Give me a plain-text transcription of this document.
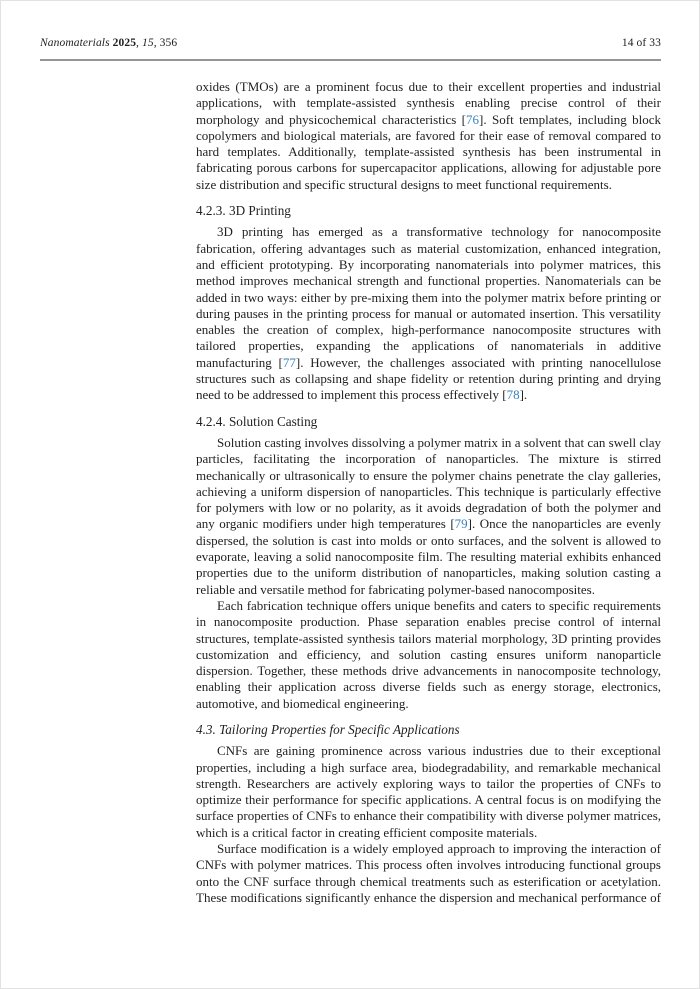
Nanomaterials 2025, 15, 356	14 of 33

oxides (TMOs) are a prominent focus due to their excellent properties and industrial applications, with template-assisted synthesis enabling precise control of their morphology and physicochemical characteristics [76]. Soft templates, including block copolymers and biological materials, are favored for their ease of removal compared to hard templates. Additionally, template-assisted synthesis has been instrumental in fabricating porous carbons for supercapacitor applications, allowing for adjustable pore size distribution and specific structural designs to meet functional requirements.

4.2.3. 3D Printing

3D printing has emerged as a transformative technology for nanocomposite fabrication, offering advantages such as material customization, enhanced integration, and efficient prototyping. By incorporating nanomaterials into polymer matrices, this method improves mechanical strength and functional properties. Nanomaterials can be added in two ways: either by pre-mixing them into the polymer matrix before printing or during pauses in the printing process for manual or automated insertion. This versatility enables the creation of complex, high-performance nanocomposite structures with tailored properties, expanding the applications of nanomaterials in additive manufacturing [77]. However, the challenges associated with printing nanocellulose structures such as collapsing and shape fidelity or retention during printing and drying need to be addressed to implement this process effectively [78].

4.2.4. Solution Casting

Solution casting involves dissolving a polymer matrix in a solvent that can swell clay particles, facilitating the incorporation of nanoparticles. The mixture is stirred mechanically or ultrasonically to ensure the polymer chains penetrate the clay galleries, achieving a uniform dispersion of nanoparticles. This technique is particularly effective for polymers with low or no polarity, as it avoids degradation of both the polymer and any organic modifiers under high temperatures [79]. Once the nanoparticles are evenly dispersed, the solution is cast into molds or onto surfaces, and the solvent is allowed to evaporate, leaving a solid nanocomposite film. The resulting material exhibits enhanced properties due to the uniform distribution of nanoparticles, making solution casting a reliable and versatile method for fabricating polymer-based nanocomposites.

Each fabrication technique offers unique benefits and caters to specific requirements in nanocomposite production. Phase separation enables precise control of internal structures, template-assisted synthesis tailors material morphology, 3D printing provides customization and efficiency, and solution casting ensures uniform nanoparticle dispersion. Together, these methods drive advancements in nanocomposite technology, enabling their application across diverse fields such as energy storage, electronics, automotive, and biomedical engineering.

4.3. Tailoring Properties for Specific Applications

CNFs are gaining prominence across various industries due to their exceptional properties, including a high surface area, biodegradability, and remarkable mechanical strength. Researchers are actively exploring ways to tailor the properties of CNFs to optimize their performance for specific applications. A central focus is on modifying the surface properties of CNFs to enhance their compatibility with diverse polymer matrices, which is a critical factor in creating efficient composite materials.

Surface modification is a widely employed approach to improving the interaction of CNFs with polymer matrices. This process often involves introducing functional groups onto the CNF surface through chemical treatments such as esterification or acetylation. These modifications significantly enhance the dispersion and mechanical performance of
